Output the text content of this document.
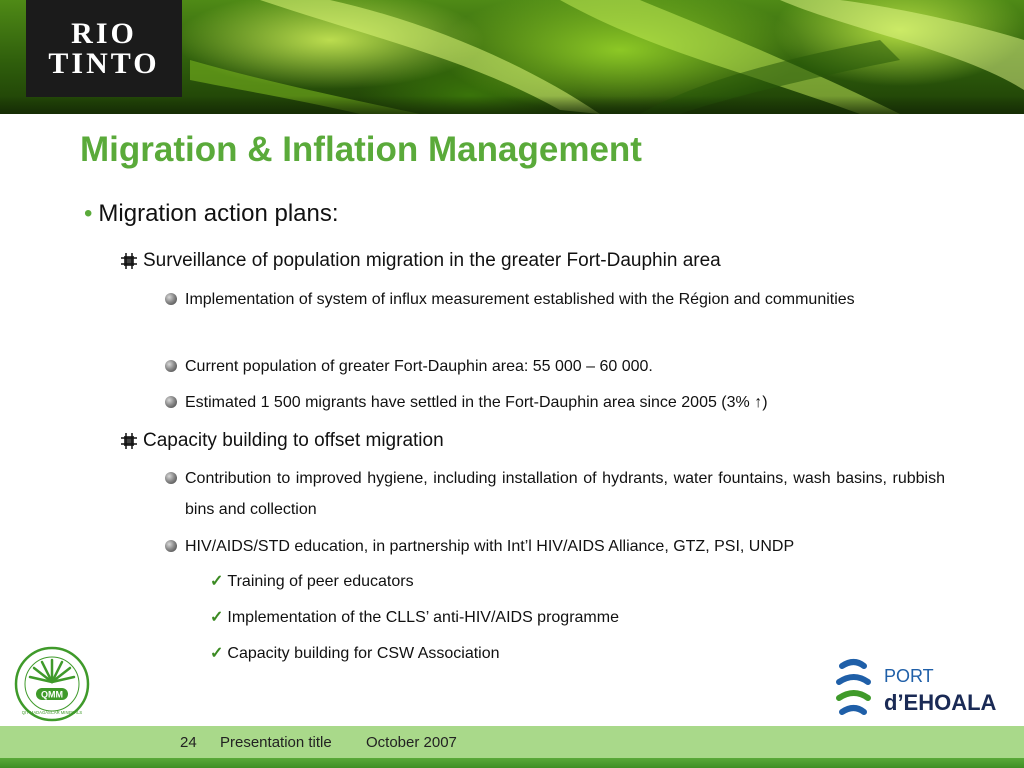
RIO
TINTO
Migration & Inflation Management
• Migration action plans:
Surveillance of population migration in the greater Fort-Dauphin area
Implementation of system of influx measurement established with the Région and communities
Current population of greater Fort-Dauphin area: 55 000 – 60 000.
Estimated 1 500 migrants have settled in the Fort-Dauphin area since 2005 (3% ↑)
Capacity building to offset migration
Contribution to improved hygiene, including installation of hydrants, water fountains, wash basins, rubbish bins and collection
HIV/AIDS/STD education, in partnership with Int’l HIV/AIDS Alliance, GTZ, PSI, UNDP
✓ Training of peer educators
✓ Implementation of the CLLS’ anti-HIV/AIDS programme
✓ Capacity building for CSW Association
QMM
QIT MADAGASCAR MINERALS
PORT
d’EHOALA
24 Presentation title October 2007
